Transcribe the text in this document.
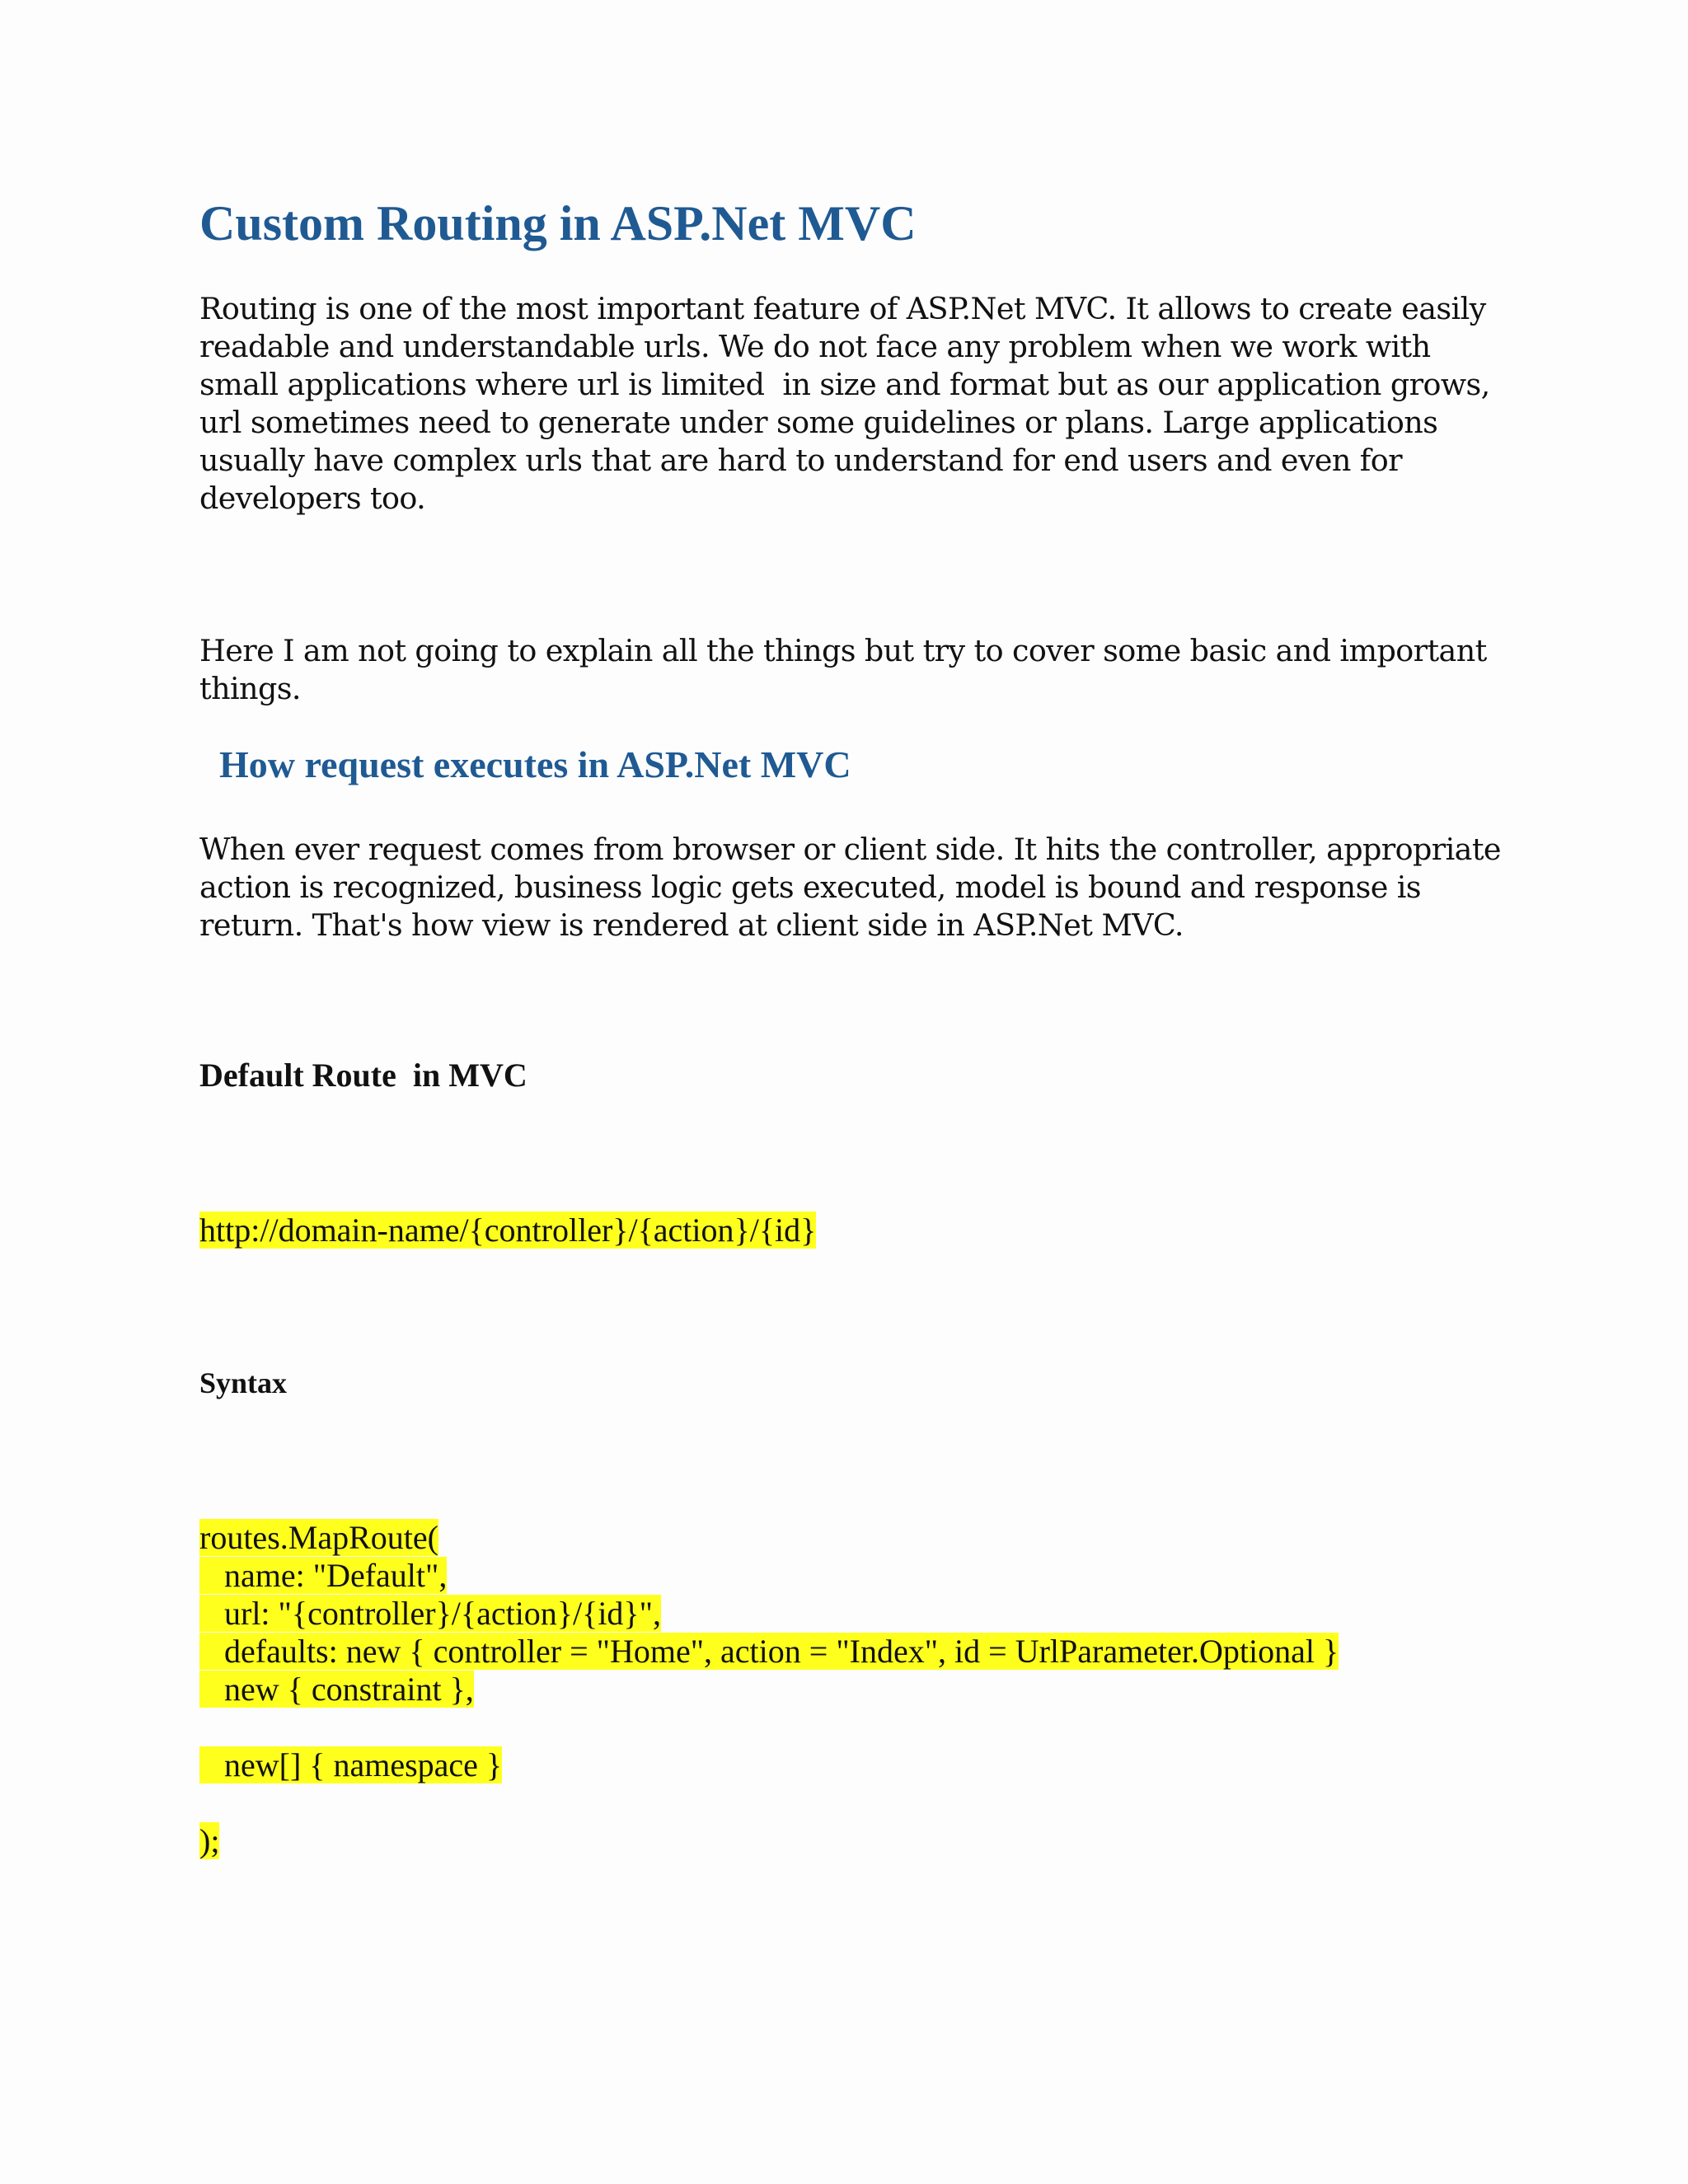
Custom Routing in ASP.Net MVC
Routing is one of the most important feature of ASP.Net MVC. It allows to create easily
readable and understandable urls. We do not face any problem when we work with
small applications where url is limited  in size and format but as our application grows,
url sometimes need to generate under some guidelines or plans. Large applications
usually have complex urls that are hard to understand for end users and even for
developers too.
Here I am not going to explain all the things but try to cover some basic and important
things.
How request executes in ASP.Net MVC
When ever request comes from browser or client side. It hits the controller, appropriate
action is recognized, business logic gets executed, model is bound and response is
return. That's how view is rendered at client side in ASP.Net MVC.
Default Route  in MVC
http://domain-name/{controller}/{action}/{id}
Syntax
routes.MapRoute(
name: "Default",
url: "{controller}/{action}/{id}",
defaults: new { controller = "Home", action = "Index", id = UrlParameter.Optional }
new { constraint },
new[] { namespace }
);
